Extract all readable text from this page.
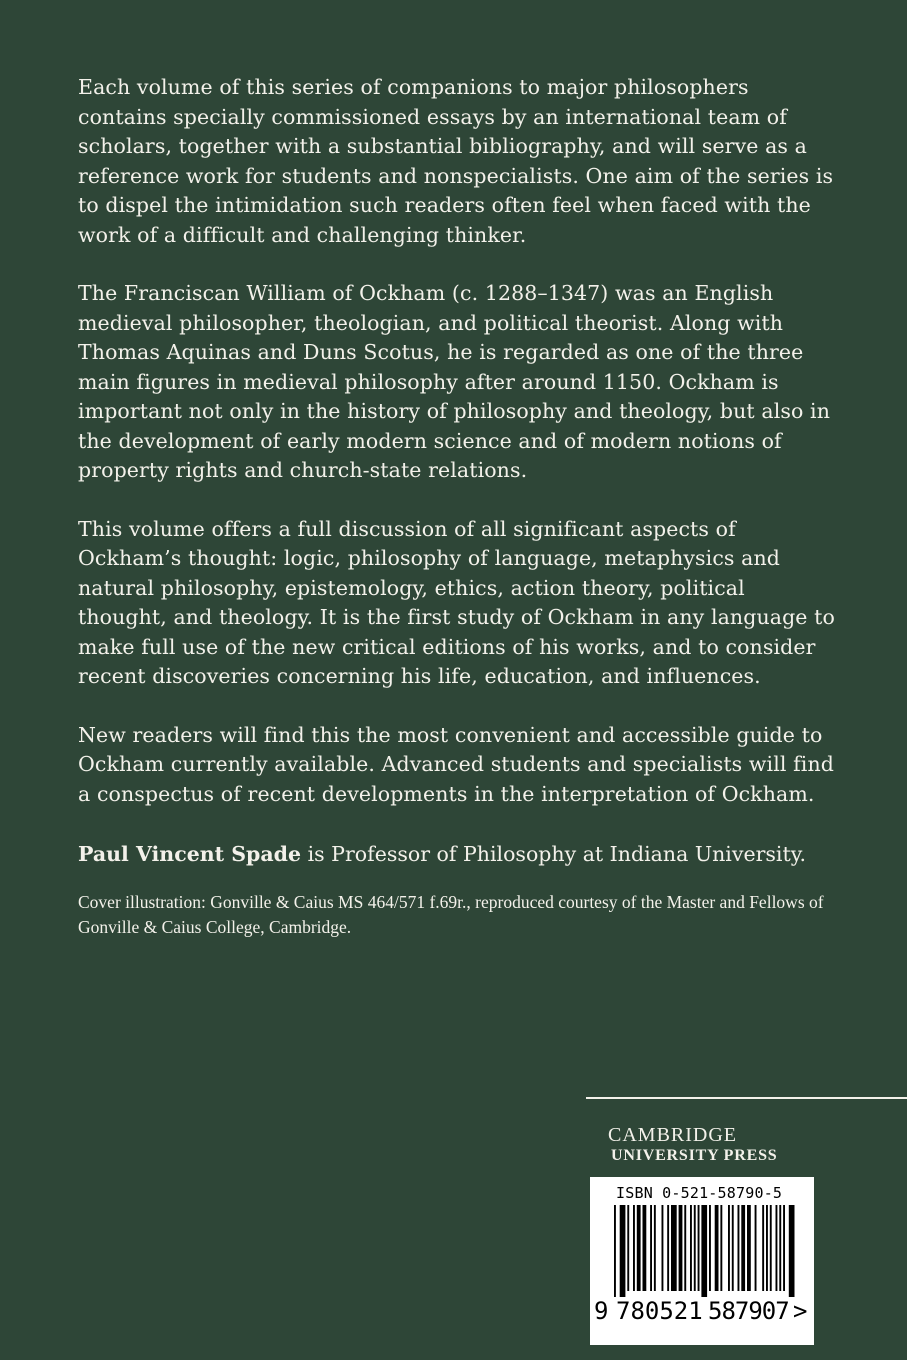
Each volume of this series of companions to major philosophers contains specially commissioned essays by an international team of scholars, together with a substantial bibliography, and will serve as a reference work for students and nonspecialists. One aim of the series is to dispel the intimidation such readers often feel when faced with the work of a difficult and challenging thinker.

The Franciscan William of Ockham (c. 1288–1347) was an English medieval philosopher, theologian, and political theorist. Along with Thomas Aquinas and Duns Scotus, he is regarded as one of the three main figures in medieval philosophy after around 1150. Ockham is important not only in the history of philosophy and theology, but also in the development of early modern science and of modern notions of property rights and church-state relations.

This volume offers a full discussion of all significant aspects of Ockham’s thought: logic, philosophy of language, metaphysics and natural philosophy, epistemology, ethics, action theory, political thought, and theology. It is the first study of Ockham in any language to make full use of the new critical editions of his works, and to consider recent discoveries concerning his life, education, and influences.

New readers will find this the most convenient and accessible guide to Ockham currently available. Advanced students and specialists will find a conspectus of recent developments in the interpretation of Ockham.

Paul Vincent Spade is Professor of Philosophy at Indiana University.

Cover illustration: Gonville & Caius MS 464/571 f.69r., reproduced courtesy of the Master and Fellows of Gonville & Caius College, Cambridge.

cambridge
UNIVERSITY PRESS
ISBN 0-521-58790-5
9 780521 587907 >
